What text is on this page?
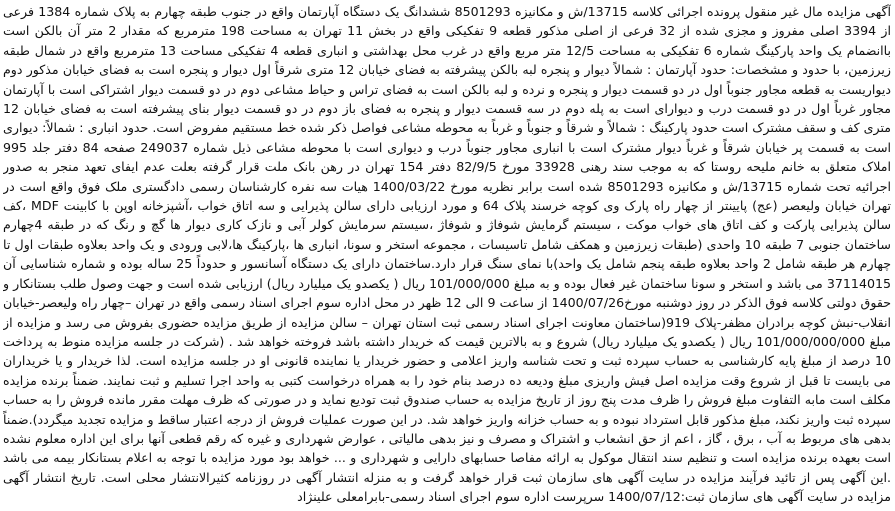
آگهی مزایده مال غیر منقول پرونده اجرائی کلاسه 13715/ش و مکانیزه 8501293 ششدانگ یک دستگاه آپارتمان واقع در جنوب طبقه چهارم به پلاک شماره 1384 فرعی از 3394 اصلی مفروز و مجزی شده از 32 فرعی از اصلی مذکور قطعه 9 تفکیکی واقع در بخش 11 تهران به مساحت 198 مترمربع که مقدار 2 متر آن بالکن است باانضمام یک واحد پارکینگ شماره 6 تفکیکی به مساحت 12/5 متر مربع واقع در غرب محل بهداشتی و انباری قطعه 4 تفکیکی مساحت 13 مترمربع واقع در شمال طبقه زیرزمین، با حدود و مشخصات: حدود آپارتمان : شمالاً دیوار و پنجره لبه بالکن پیشرفته به فضای خیابان 12 متری شرقاً اول دیوار و پنجره است به فضای خیابان مذکور دوم دیواریست به قطعه مجاور جنوباً اول در دو قسمت دیوار و پنجره و نرده و لبه بالکن است به فضای تراس و حیاط مشاعی دوم در دو قسمت دیوار اشتراکی است با آپارتمان مجاور غرباً اول در دو قسمت درب و دیوارای است به پله دوم در سه قسمت دیوار و پنجره به فضای باز دوم در دو قسمت دیوار بنای پیشرفته است به فضای خیابان 12 متری کف و سقف مشترک است حدود پارکینگ : شمالاً و شرقاً و جنوباً و غرباً به محوطه مشاعی فواصل ذکر شده خط مستقیم مفروض است. حدود انباری : شمالاً: دیواری است به قسمت پر خیابان شرقاً و غرباً دیوار مشترک است با انباری مجاور جنوباً درب و دیواری است با محوطه مشاعی ذیل شماره 249037 صفحه 84 دفتر جلد 995 املاک متعلق به خانم ملیحه روستا که به موجب سند رهنی 33928 مورخ 82/9/5 دفتر 154 تهران در رهن بانک ملت قرار گرفته بعلت عدم ایفای تعهد منجر به صدور اجرائیه تحت شماره 13715/ش و مکانیزه 8501293 شده است برابر نظریه مورخ 1400/03/22 هیات سه نفره کارشناسان رسمی دادگستری ملک فوق واقع است در تهران خیابان ولیعصر (عج) پایینتر از چهار راه پارک وی کوچه خرسند پلاک 64 و مورد ارزیابی دارای سالن پذیرایی و سه اتاق خواب ،آشپزخانه اوپن با کابینت MDF ،کف سالن پذیرایی پارکت و کف اتاق های خواب موکت ، سیستم گرمایش شوفاژ و شوفاژ ،سیستم سرمایش کولر آبی و نازک کاری دیوار ها گچ و رنگ که در طبقه 4چهارم ساختمان جنوبی 7 طبقه 10 واحدی (طبقات زیرزمین و همکف شامل تاسیسات ، مجموعه استخر و سونا، انباری ها ،پارکینگ ها،لابی ورودی و یک واحد بعلاوه طبقات اول تا چهارم هر طبقه شامل 2 واحد بعلاوه طبقه پنجم شامل یک واحد)با نمای سنگ قرار دارد.ساختمان دارای یک دستگاه آسانسور و حدوداً 25 ساله بوده و شماره شناسایی آن 37114015 می باشد و استخر و سونا ساختمان غیر فعال بوده و به مبلغ 101/000/000 ریال ( یکصدو یک میلیارد ریال) ارزیابی شده است و جهت وصول طلب بستانکار و حقوق دولتی کلاسه فوق الذکر در روز دوشنبه مورخ1400/07/26 از ساعت 9 الی 12 ظهر در محل اداره سوم اجرای اسناد رسمی واقع در تهران –چهار راه ولیعصر-خیابان انقلاب-نبش کوچه برادران مظفر-پلاک 919(ساختمان معاونت اجرای اسناد رسمی ثبت استان تهران – سالن مزایده از طریق مزایده حضوری بفروش می رسد و مزایده از مبلغ 101/000/000/000 ریال ( یکصدو یک میلیارد ریال) شروع و به بالاترین قیمت که خریدار داشته باشد فروخته خواهد شد . (شرکت در جلسه مزایده منوط به پرداخت 10 درصد از مبلغ پایه کارشناسی به حساب سپرده ثبت و تحت شناسه واریز اعلامی و حضور خریدار یا نماینده قانونی او در جلسه مزایده است. لذا خریدار و یا خریداران می بایست تا قبل از شروع وقت مزایده اصل فیش واریزی مبلغ ودیعه ده درصد بنام خود را به همراه درخواست کتبی به واحد اجرا تسلیم و ثبت نمایند. ضمناً برنده مزایده مکلف است مابه التفاوت مبلغ فروش را ظرف مدت پنج روز از تاریخ مزایده به حساب صندوق ثبت تودیع نماید و در صورتی که ظرف مهلت مقرر مانده فروش را به حساب سپرده ثبت واریز نکند، مبلغ مذکور قابل استرداد نبوده و به حساب خزانه واریز خواهد شد. در این صورت عملیات فروش از درجه اعتبار ساقط و مزایده تجدید میگردد).ضمناً بدهی های مربوط به آب ، برق ، گاز ، اعم از حق انشعاب و اشتراک و مصرف و نیز بدهی مالیاتی ، عوارض شهرداری و غیره که رقم قطعی آنها برای این اداره معلوم نشده است بعهده برنده مزایده است و تنظیم سند انتقال موکول به ارائه مفاصا حسابهای دارایی و شهرداری و ... خواهد بود مورد مزایده با توجه به اعلام بستانکار بیمه می باشد .این آگهی پس از تائید فرآیند مزایده در سایت آگهی های سازمان ثبت قرار خواهد گرفت و به منزله انتشار آگهی در روزنامه کثیرالانتشار محلی است. تاریخ انتشار آگهی مزایده در سایت آگهی های سازمان ثبت:1400/07/12 سرپرست اداره سوم اجرای اسناد رسمی-بابرامعلی علینژاد
